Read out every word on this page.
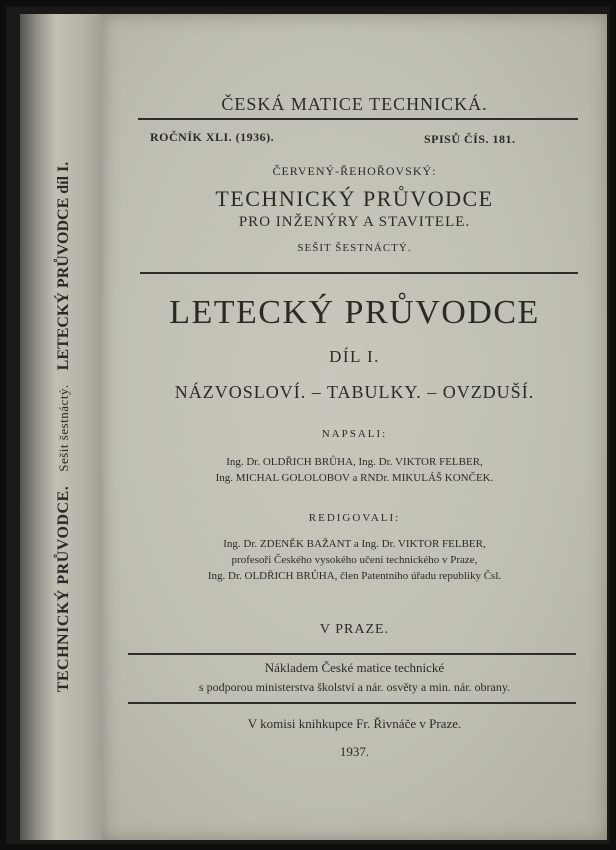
TECHNICKÝ PRŮVODCE. Sešit šestnáctý. LETECKÝ PRŮVODCE díl I.
ČESKÁ MATICE TECHNICKÁ.
ROČNÍK XLI. (1936).	SPISŮ ČÍS. 181.
ČERVENÝ-ŘEHOŘOVSKÝ:
TECHNICKÝ PRŮVODCE
PRO INŽENÝRY A STAVITELE.
SEŠIT ŠESTNÁCTÝ.
LETECKÝ PRŮVODCE
DÍL I.
NÁZVOSLOVÍ. – TABULKY. – OVZDUŠÍ.
NAPSALI:
Ing. Dr. OLDŘICH BRŮHA, Ing. Dr. VIKTOR FELBER,
Ing. MICHAL GOLOLOBOV a RNDr. MIKULÁŠ KONČEK.
REDIGOVALI:
Ing. Dr. ZDENĚK BAŽANT a Ing. Dr. VIKTOR FELBER,
profesoři Českého vysokého učení technického v Praze,
Ing. Dr. OLDŘICH BRŮHA, člen Patentního úřadu republiky Čsl.
V PRAZE.
Nákladem České matice technické
s podporou ministerstva školství a nár. osvěty a min. nár. obrany.
V komisi knihkupce Fr. Řivnáče v Praze.
1937.
